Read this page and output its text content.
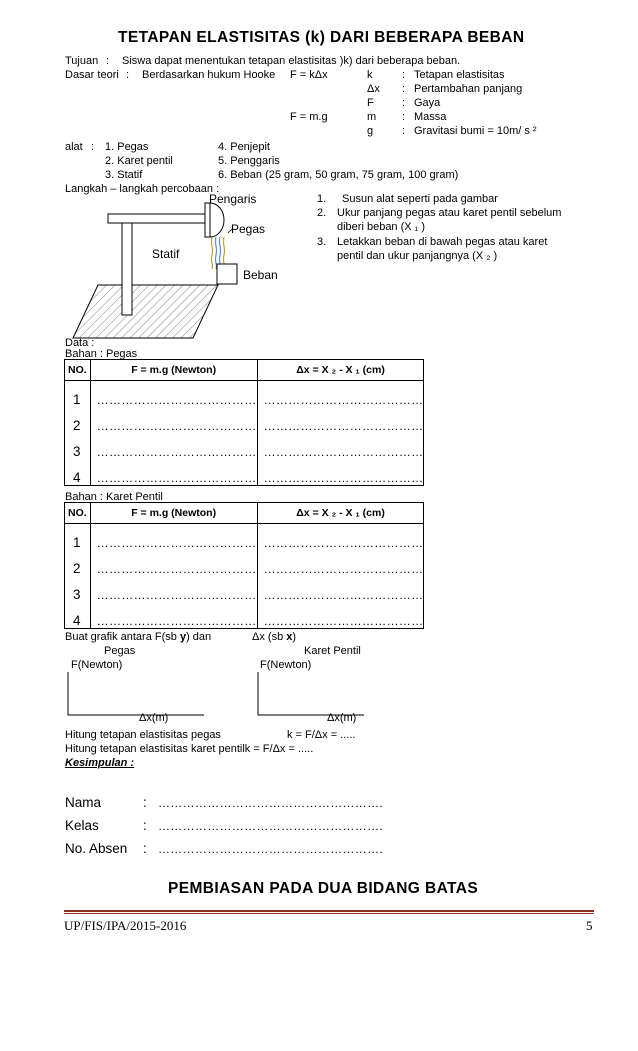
TETAPAN ELASTISITAS (k) DARI BEBERAPA BEBAN
Tujuan : Siswa dapat menentukan tetapan elastisitas )k) dari beberapa beban.
Dasar teori : Berdasarkan hukum Hooke F = kΔx
F = m.g
k	: Tetapan elastisitas
Δx : Pertambahan panjang
F	: Gaya
m : Massa
g	: Gravitasi bumi = 10m/ s ²
alat : 1. Pegas
2. Karet pentil
3. Statif
4. Penjepit
5. Penggaris
6. Beban (25 gram, 50 gram, 75 gram, 100 gram)
Langkah – langkah percobaan :
Pengaris
Pegas
Statif
Beban
1. Susun alat seperti pada gambar
2. Ukur panjang pegas atau karet pentil sebelum
diberi beban (X ₁ )
3. Letakkan beban di bawah pegas atau karet
pentil dan ukur panjangnya (X ₂ )
Data :
Bahan : Pegas
NO.	F = m.g (Newton)	Δx = X ₂ - X ₁ (cm)
1	…………………………………	…………………………………
2	…………………………………	…………………………………
3	…………………………………	…………………………………
4	…………………………………	…………………………………
Bahan : Karet Pentil
NO.	F = m.g (Newton)	Δx = X ₂ - X ₁ (cm)
1	…………………………………	…………………………………
2	…………………………………	…………………………………
3	…………………………………	…………………………………
4	…………………………………	…………………………………
Buat grafik antara F(sb y) dan	Δx (sb x)
Pegas	Karet Pentil
F(Newton)	F(Newton)
Δx(m)	Δx(m)
Hitung tetapan elastisitas pegas	k = F/Δx = .....
Hitung tetapan elastisitas karet pentilk = F/Δx = .....
Kesimpulan :
Nama	: ……………………………………………….
Kelas	: ……………………………………………….
No. Absen : ……………………………………………….
PEMBIASAN PADA DUA BIDANG BATAS
UP/FIS/IPA/2015-2016	5
